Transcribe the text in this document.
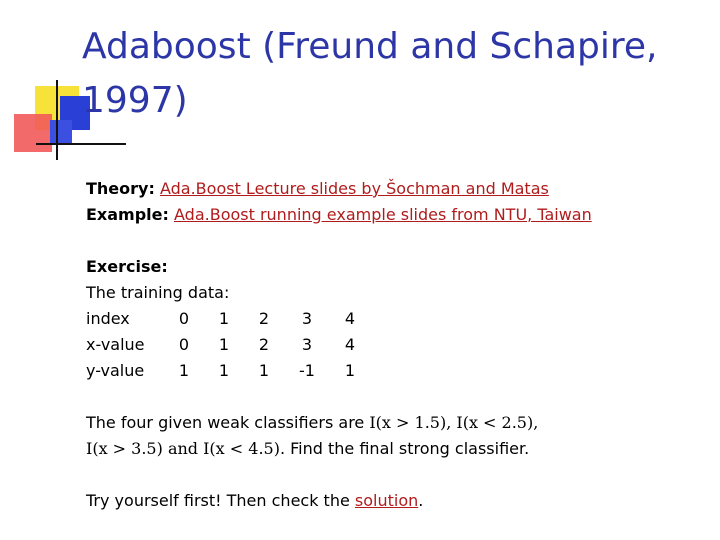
Adaboost (Freund and Schapire, 1997)

Theory: Ada.Boost Lecture slides by Šochman and Matas

Example: Ada.Boost running example slides from NTU, Taiwan

Exercise:

The training data:

index	0	1	2	3	4
x-value	0	1	2	3	4
y-value	1	1	1	-1	1

The four given weak classifiers are I(x > 1.5), I(x < 2.5),
I(x > 3.5) and I(x < 4.5). Find the final strong classifier.

Try yourself first! Then check the solution.
